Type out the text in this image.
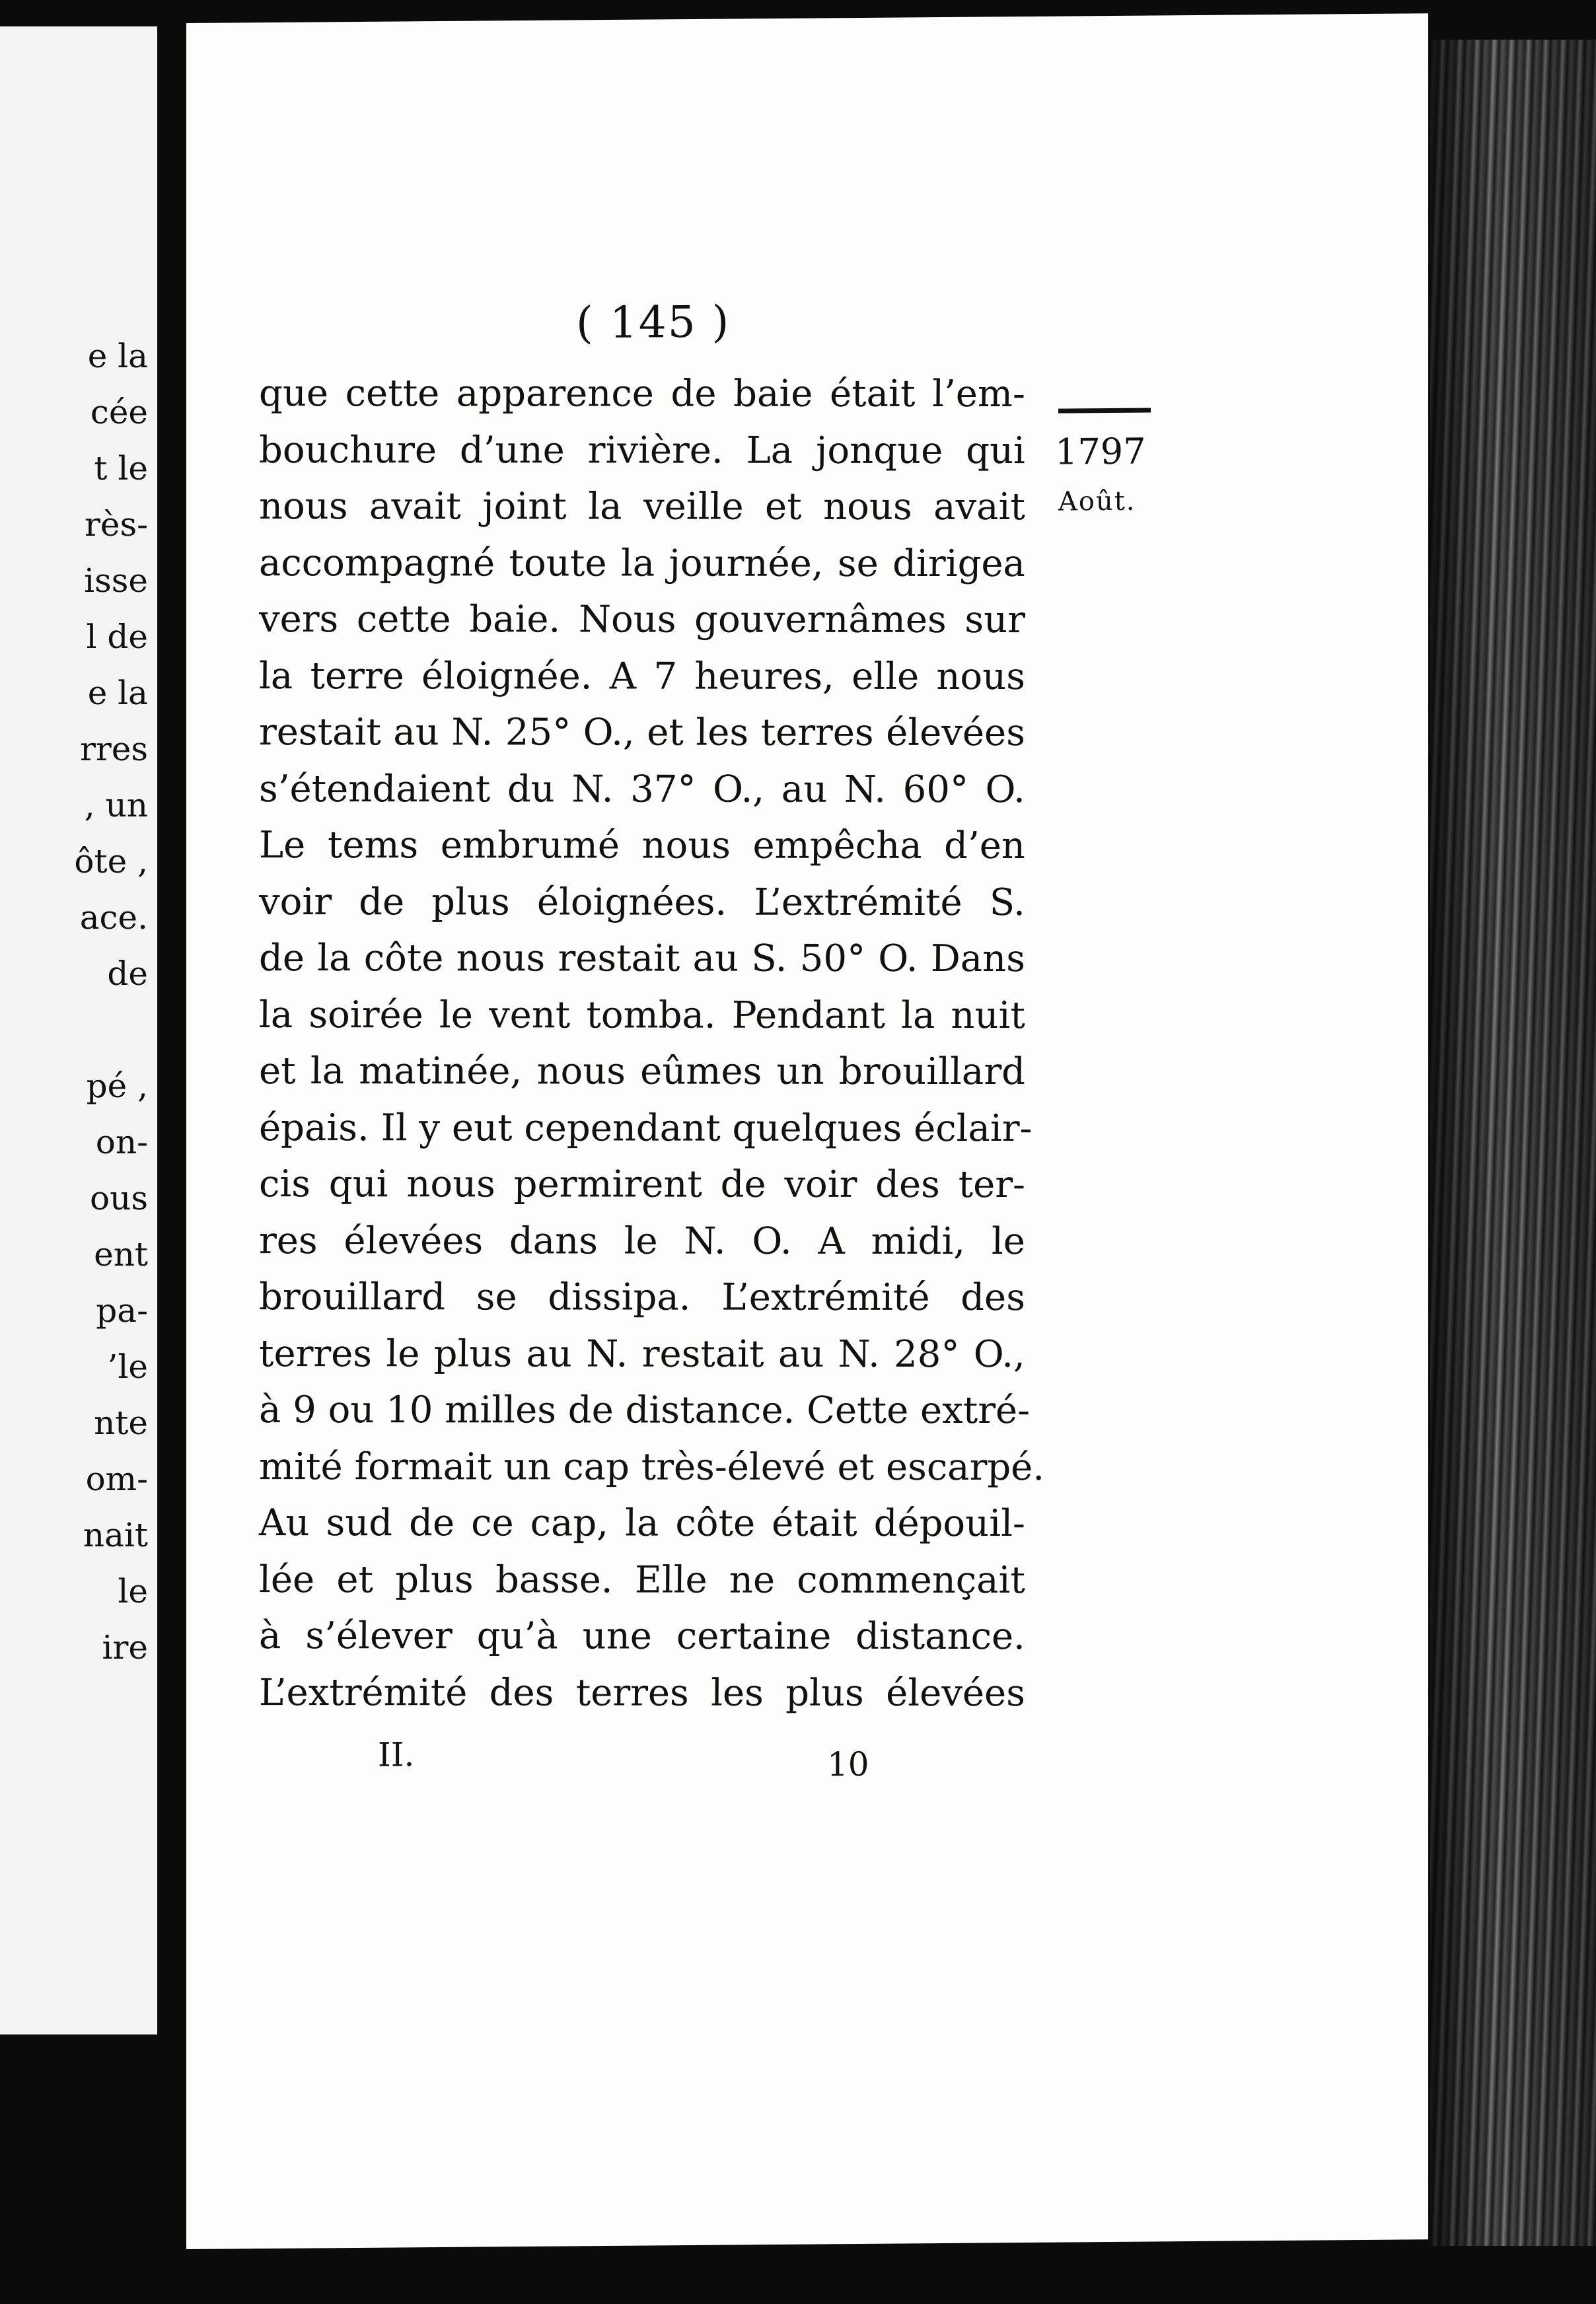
e la
cée
t le
rès-
isse
l de
e la
rres
, un
ôte ,
ace.
de
pé ,
on-
ous
ent
pa-
’le
nte
om-
nait
le
ire
( 145 )
1797
Août.
que cette apparence de baie était l’em-
bouchure d’une rivière. La jonque qui
nous avait joint la veille et nous avait
accompagné toute la journée, se dirigea
vers cette baie. Nous gouvernâmes sur
la terre éloignée. A 7 heures, elle nous
restait au N. 25° O., et les terres élevées
s’étendaient du N. 37° O., au N. 60° O.
Le tems embrumé nous empêcha d’en
voir de plus éloignées. L’extrémité S.
de la côte nous restait au S. 50° O. Dans
la soirée le vent tomba. Pendant la nuit
et la matinée, nous eûmes un brouillard
épais. Il y eut cependant quelques éclair-
cis qui nous permirent de voir des ter-
res élevées dans le N. O. A midi, le
brouillard se dissipa. L’extrémité des
terres le plus au N. restait au N. 28° O.,
à 9 ou 10 milles de distance. Cette extré-
mité formait un cap très-élevé et escarpé.
Au sud de ce cap, la côte était dépouil-
lée et plus basse. Elle ne commençait
à s’élever qu’à une certaine distance.
L’extrémité des terres les plus élevées
II.	10
